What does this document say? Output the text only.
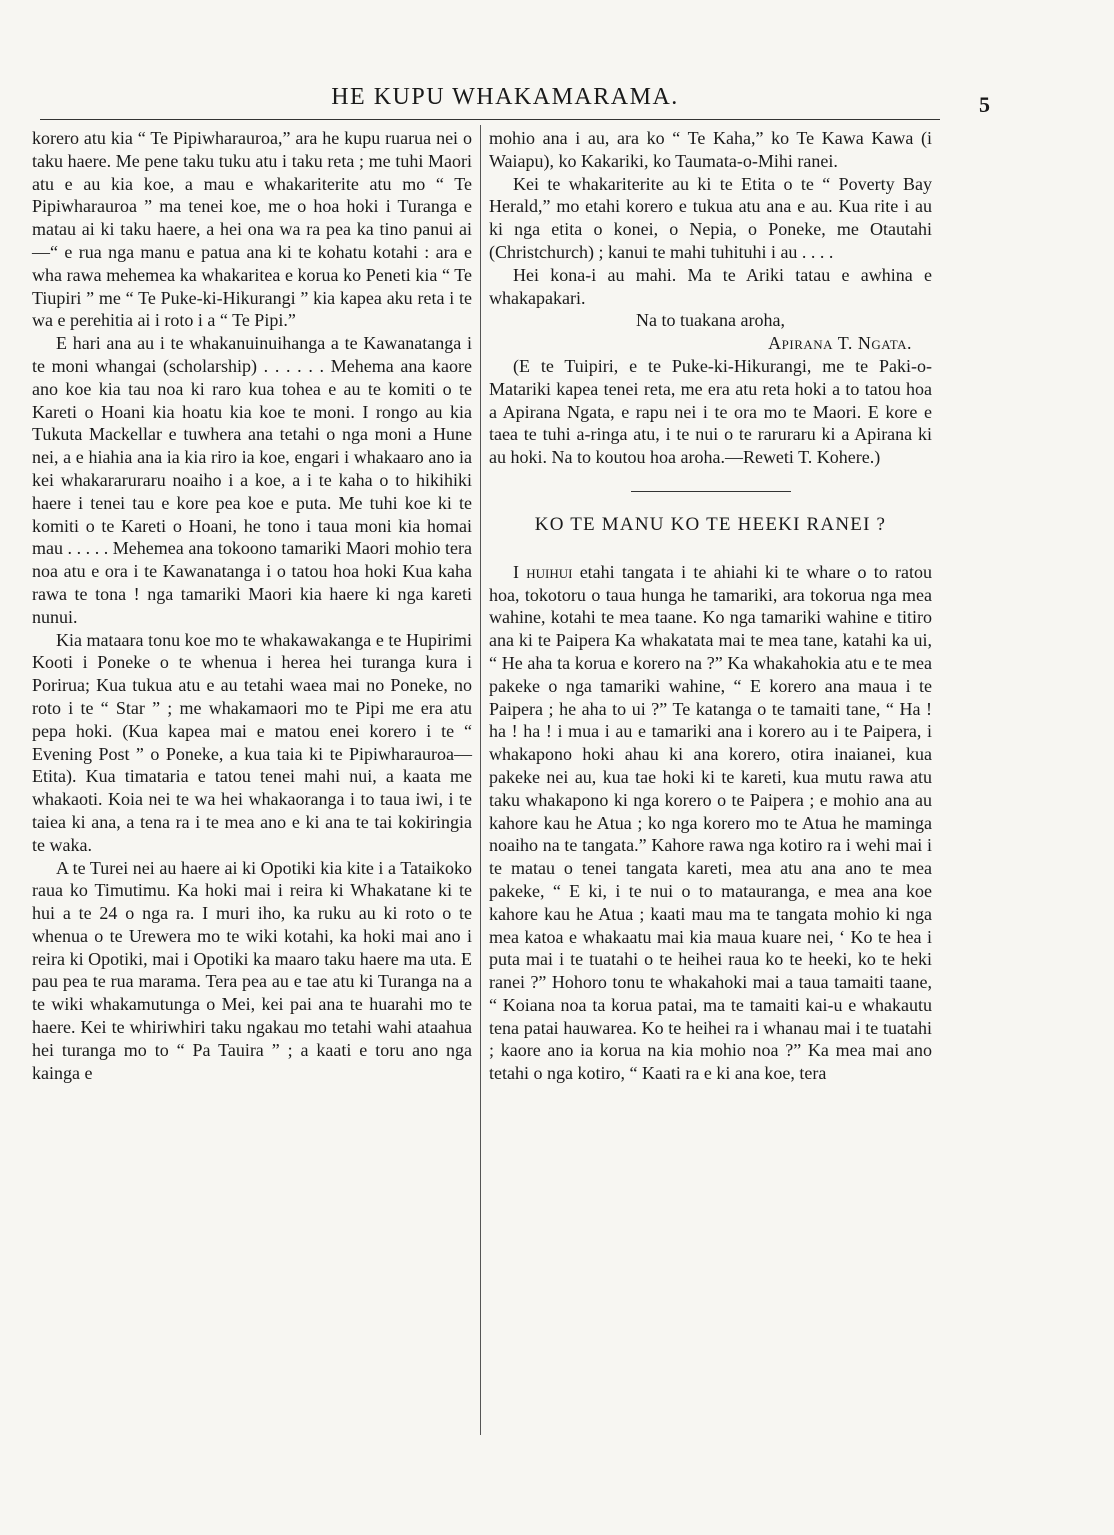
HE KUPU WHAKAMARAMA.	5

korero atu kia “ Te Pipiwharauroa,” ara he kupu ruarua nei o taku haere. Me pene taku tuku atu i taku reta ; me tuhi Maori atu e au kia koe, a mau e whakariterite atu mo “ Te Pipiwharauroa ” ma tenei koe, me o hoa hoki i Turanga e matau ai ki taku haere, a hei ona wa ra pea ka tino panui ai—“ e rua nga manu e patua ana ki te kohatu kotahi : ara e wha rawa mehemea ka whakaritea e korua ko Peneti kia “ Te Tiupiri ” me “ Te Puke-ki-Hikurangi ” kia kapea aku reta i te wa e perehitia ai i roto i a “ Te Pipi.”

E hari ana au i te whakanuinuihanga a te Kawanatanga i te moni whangai (scholarship) . . . . . . Mehema ana kaore ano koe kia tau noa ki raro kua tohea e au te komiti o te Kareti o Hoani kia hoatu kia koe te moni. I rongo au kia Tukuta Mackellar e tuwhera ana tetahi o nga moni a Hune nei, a e hiahia ana ia kia riro ia koe, engari i whakaaro ano ia kei whakararuraru noaiho i a koe, a i te kaha o to hikihiki haere i tenei tau e kore pea koe e puta. Me tuhi koe ki te komiti o te Kareti o Hoani, he tono i taua moni kia homai mau . . . . . Mehemea ana tokoono tamariki Maori mohio tera noa atu e ora i te Kawanatanga i o tatou hoa hoki Kua kaha rawa te tona ! nga tamariki Maori kia haere ki nga kareti nunui.

Kia mataara tonu koe mo te whakawakanga e te Hupirimi Kooti i Poneke o te whenua i herea hei turanga kura i Porirua; Kua tukua atu e au tetahi waea mai no Poneke, no roto i te “ Star ” ; me whakamaori mo te Pipi me era atu pepa hoki. (Kua kapea mai e matou enei korero i te “ Evening Post ” o Poneke, a kua taia ki te Pipiwharauroa—Etita). Kua timataria e tatou tenei mahi nui, a kaata me whakaoti. Koia nei te wa hei whakaoranga i to taua iwi, i te taiea ki ana, a tena ra i te mea ano e ki ana te tai kokiringia te waka.

A te Turei nei au haere ai ki Opotiki kia kite i a Tataikoko raua ko Timutimu. Ka hoki mai i reira ki Whakatane ki te hui a te 24 o nga ra. I muri iho, ka ruku au ki roto o te whenua o te Urewera mo te wiki kotahi, ka hoki mai ano i reira ki Opotiki, mai i Opotiki ka maaro taku haere ma uta. E pau pea te rua marama. Tera pea au e tae atu ki Turanga na a te wiki whakamutunga o Mei, kei pai ana te huarahi mo te haere. Kei te whiriwhiri taku ngakau mo tetahi wahi ataahua hei turanga mo to “ Pa Tauira ” ; a kaati e toru ano nga kainga e

mohio ana i au, ara ko “ Te Kaha,” ko Te Kawa Kawa (i Waiapu), ko Kakariki, ko Taumata-o-Mihi ranei.

Kei te whakariterite au ki te Etita o te “ Poverty Bay Herald,” mo etahi korero e tukua atu ana e au. Kua rite i au ki nga etita o konei, o Nepia, o Poneke, me Otautahi (Christchurch) ; kanui te mahi tuhituhi i au . . . .

Hei kona-i au mahi. Ma te Ariki tatau e awhina e whakapakari.

Na to tuakana aroha,

Apirana T. Ngata.

(E te Tuipiri, e te Puke-ki-Hikurangi, me te Paki-o-Matariki kapea tenei reta, me era atu reta hoki a to tatou hoa a Apirana Ngata, e rapu nei i te ora mo te Maori. E kore e taea te tuhi a-ringa atu, i te nui o te raruraru ki a Apirana ki au hoki. Na to koutou hoa aroha.—Reweti T. Kohere.)

KO TE MANU KO TE HEEKI RANEI ?

I huihui etahi tangata i te ahiahi ki te whare o to ratou hoa, tokotoru o taua hunga he tamariki, ara tokorua nga mea wahine, kotahi te mea taane. Ko nga tamariki wahine e titiro ana ki te Paipera Ka whakatata mai te mea tane, katahi ka ui, “ He aha ta korua e korero na ?” Ka whakahokia atu e te mea pakeke o nga tamariki wahine, “ E korero ana maua i te Paipera ; he aha to ui ?” Te katanga o te tamaiti tane, “ Ha ! ha ! ha ! i mua i au e tamariki ana i korero au i te Paipera, i whakapono hoki ahau ki ana korero, otira inaianei, kua pakeke nei au, kua tae hoki ki te kareti, kua mutu rawa atu taku whakapono ki nga korero o te Paipera ; e mohio ana au kahore kau he Atua ; ko nga korero mo te Atua he maminga noaiho na te tangata.” Kahore rawa nga kotiro ra i wehi mai i te matau o tenei tangata kareti, mea atu ana ano te mea pakeke, “ E ki, i te nui o to matauranga, e mea ana koe kahore kau he Atua ; kaati mau ma te tangata mohio ki nga mea katoa e whakaatu mai kia maua kuare nei, ‘ Ko te hea i puta mai i te tuatahi o te heihei raua ko te heeki, ko te heki ranei ?” Hohoro tonu te whakahoki mai a taua tamaiti taane, “ Koiana noa ta korua patai, ma te tamaiti kai-u e whakautu tena patai hauwarea. Ko te heihei ra i whanau mai i te tuatahi ; kaore ano ia korua na kia mohio noa ?” Ka mea mai ano tetahi o nga kotiro, “ Kaati ra e ki ana koe, tera
